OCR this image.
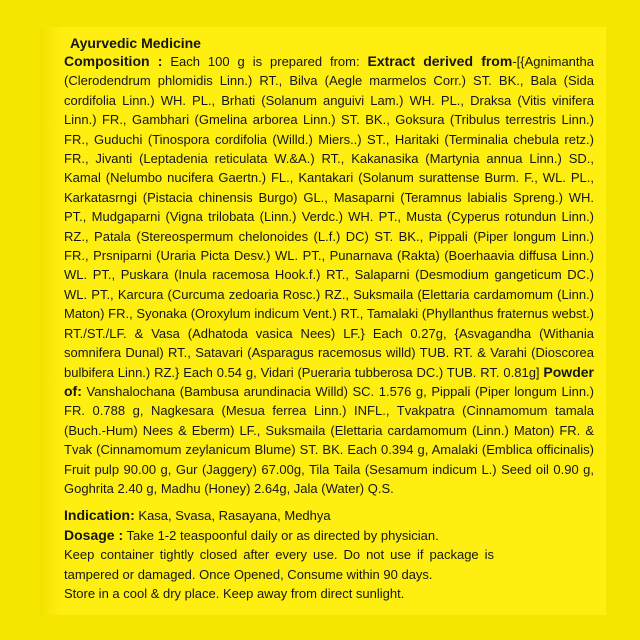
Ayurvedic Medicine

Composition : Each 100 g is prepared from: Extract derived from-[{Agnimantha (Clerodendrum phlomidis Linn.) RT., Bilva (Aegle marmelos Corr.) ST. BK., Bala (Sida cordifolia Linn.) WH. PL., Brhati (Solanum anguivi Lam.) WH. PL., Draksa (Vitis vinifera Linn.) FR., Gambhari (Gmelina arborea Linn.) ST. BK., Goksura (Tribulus terrestris Linn.) FR., Guduchi (Tinospora cordifolia (Willd.) Miers..) ST., Haritaki (Terminalia chebula retz.) FR., Jivanti (Leptadenia reticulata W.&A.) RT., Kakanasika (Martynia annua Linn.) SD., Kamal (Nelumbo nucifera Gaertn.) FL., Kantakari (Solanum surattense Burm. F., WL. PL., Karkatasrngi (Pistacia chinensis Burgo) GL., Masaparni (Teramnus labialis Spreng.) WH. PT., Mudgaparni (Vigna trilobata (Linn.) Verdc.) WH. PT., Musta (Cyperus rotundun Linn.) RZ., Patala (Stereospermum chelonoides (L.f.) DC) ST. BK., Pippali (Piper longum Linn.) FR., Prsniparni (Uraria Picta Desv.) WL. PT., Punarnava (Rakta) (Boerhaavia diffusa Linn.) WL. PT., Puskara (Inula racemosa Hook.f.) RT., Salaparni (Desmodium gangeticum DC.) WL. PT., Karcura (Curcuma zedoaria Rosc.) RZ., Suksmaila (Elettaria cardamomum (Linn.) Maton) FR., Syonaka (Oroxylum indicum Vent.) RT., Tamalaki (Phyllanthus fraternus webst.) RT./ST./LF. & Vasa (Adhatoda vasica Nees) LF.} Each 0.27g, {Asvagandha (Withania somnifera Dunal) RT., Satavari (Asparagus racemosus willd) TUB. RT. & Varahi (Dioscorea bulbifera Linn.) RZ.} Each 0.54 g, Vidari (Pueraria tubberosa DC.) TUB. RT. 0.81g] Powder of: Vanshalochana (Bambusa arundinacia Willd) SC. 1.576 g, Pippali (Piper longum Linn.) FR. 0.788 g, Nagkesara (Mesua ferrea Linn.) INFL., Tvakpatra (Cinnamomum tamala (Buch.-Hum) Nees & Eberm) LF., Suksmaila (Elettaria cardamomum (Linn.) Maton) FR. & Tvak (Cinnamomum zeylanicum Blume) ST. BK. Each 0.394 g, Amalaki (Emblica officinalis) Fruit pulp 90.00 g, Gur (Jaggery) 67.00g, Tila Taila (Sesamum indicum L.) Seed oil 0.90 g, Goghrita 2.40 g, Madhu (Honey) 2.64g, Jala (Water) Q.S.

Indication: Kasa, Svasa, Rasayana, Medhya

Dosage : Take 1-2 teaspoonful daily or as directed by physician.

Keep container tightly closed after every use. Do not use if package is tampered or damaged. Once Opened, Consume within 90 days.

Store in a cool & dry place. Keep away from direct sunlight.
